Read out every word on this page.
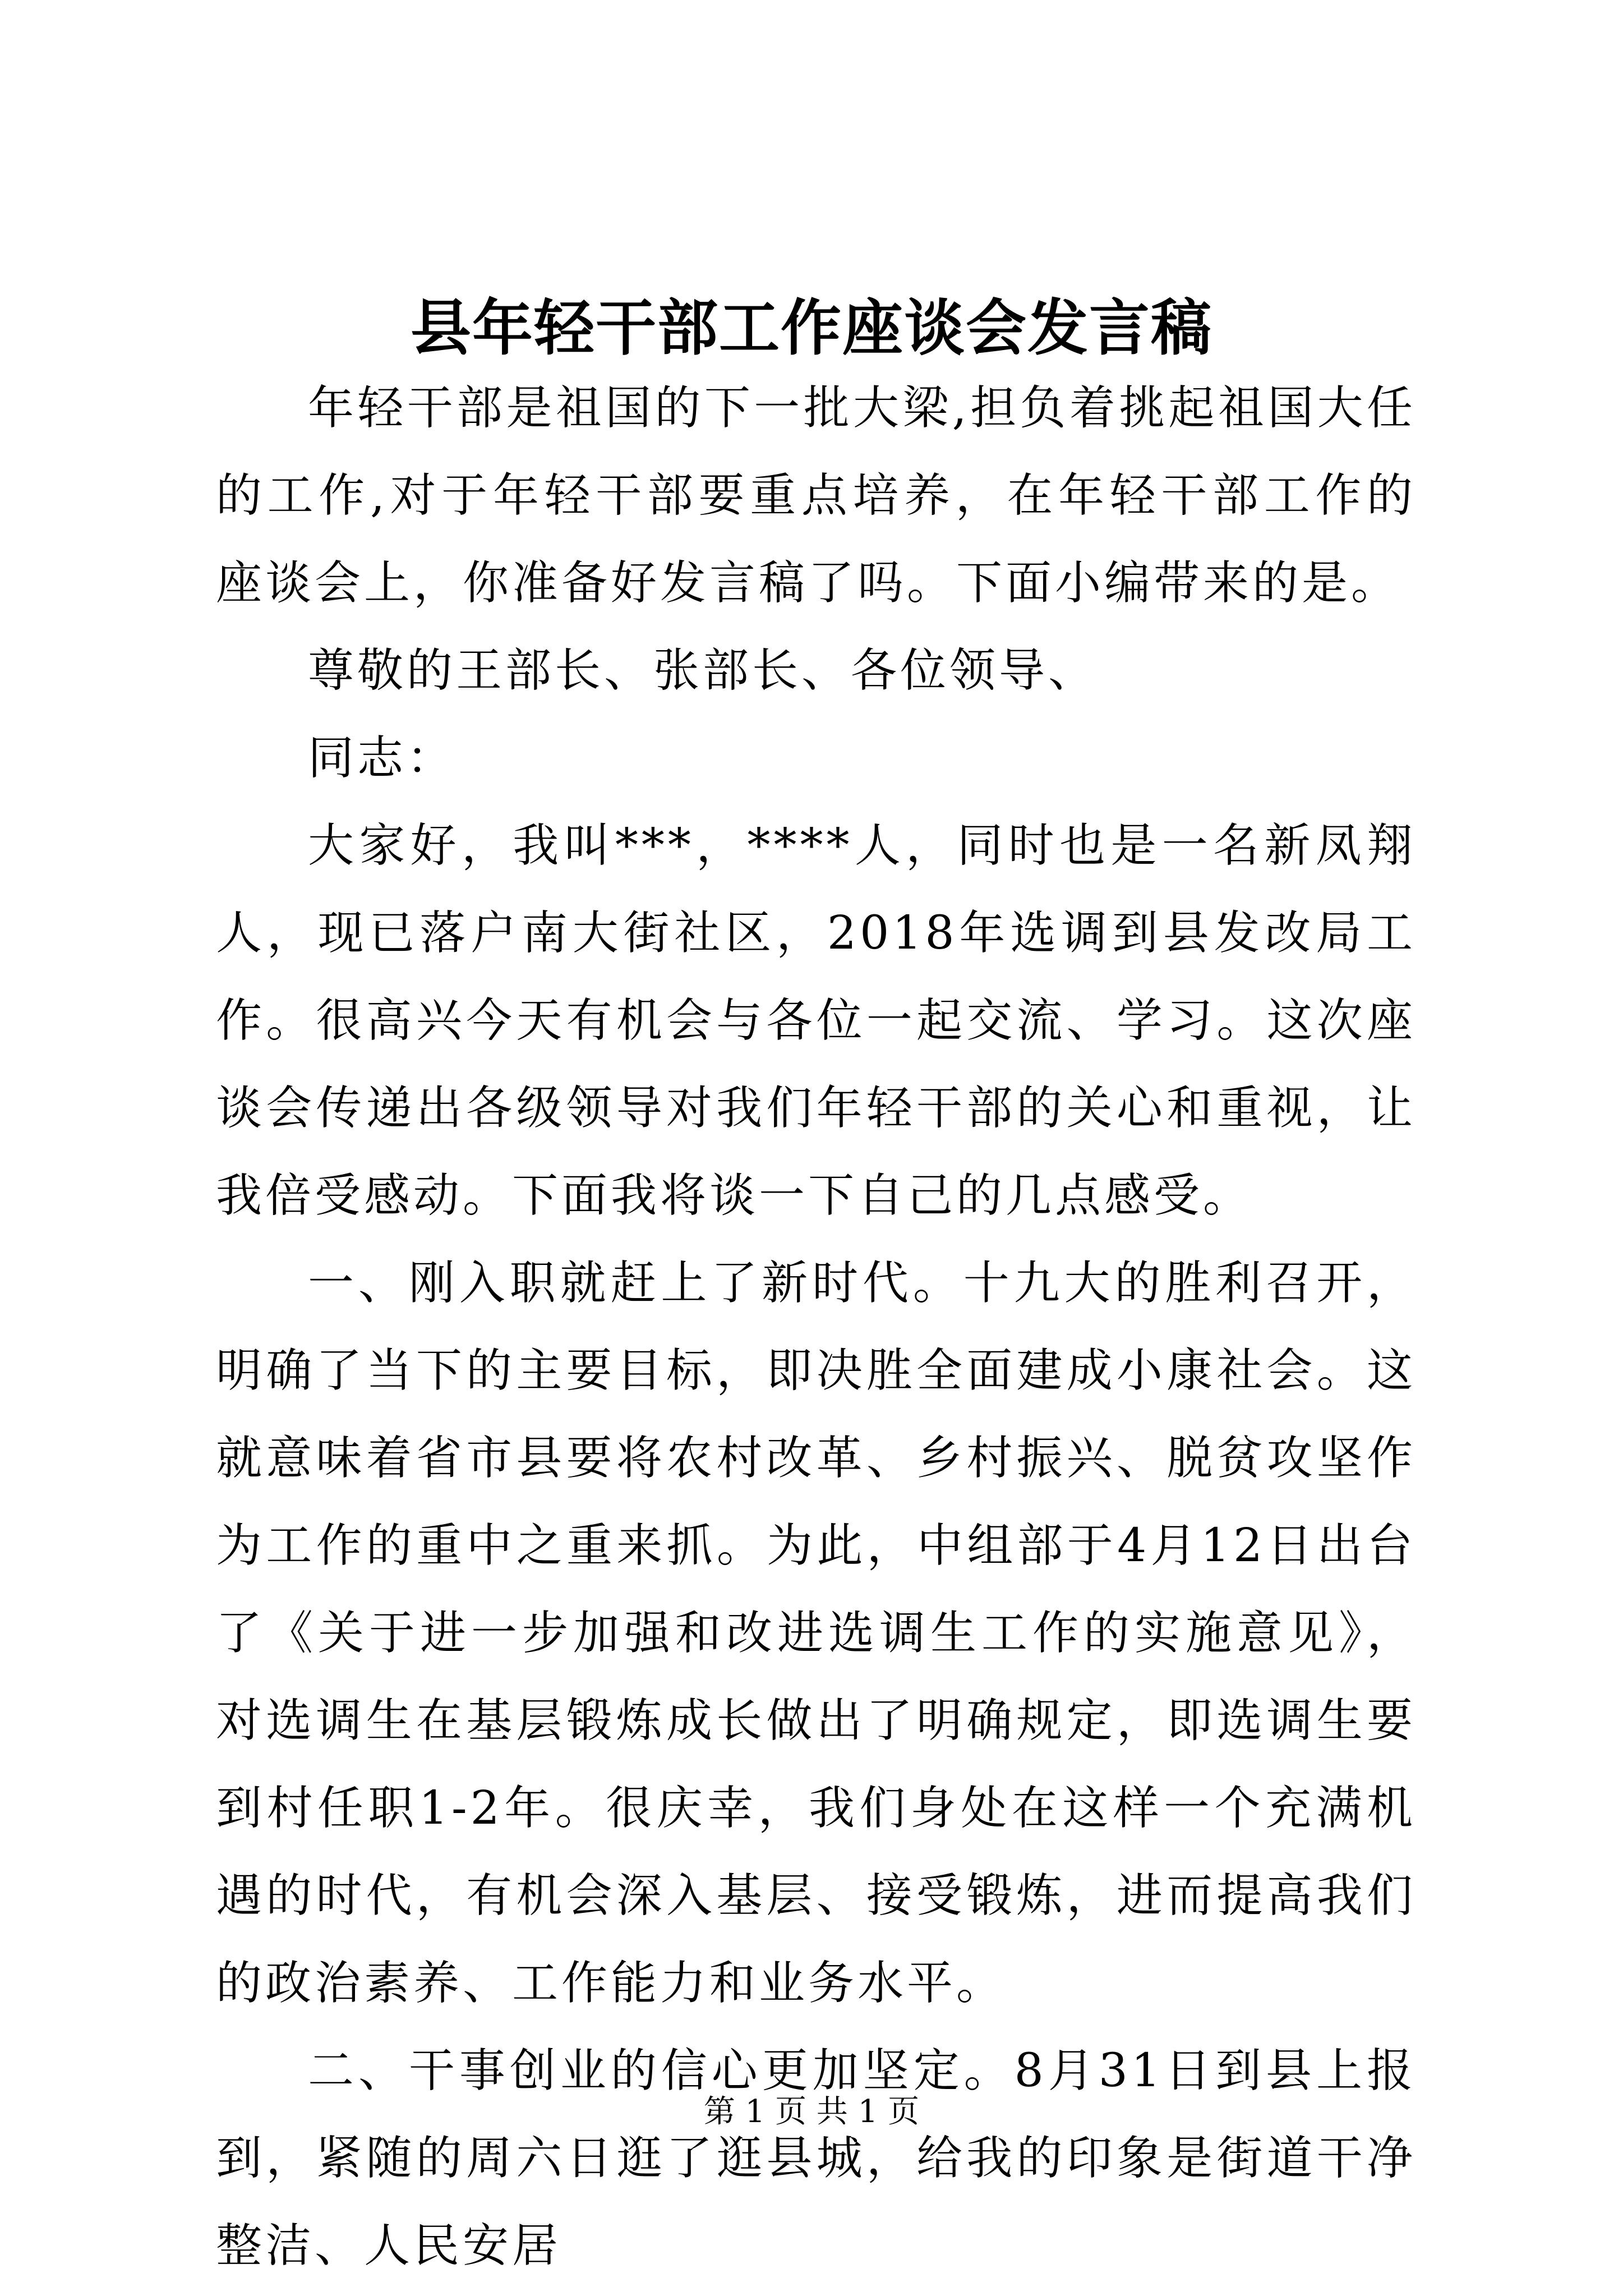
县年轻干部工作座谈会发言稿

年轻干部是祖国的下一批大梁,担负着挑起祖国大任的工作,对于年轻干部要重点培养，在年轻干部工作的座谈会上，你准备好发言稿了吗。下面小编带来的是。

尊敬的王部长、张部长、各位领导、

同志：

大家好，我叫***，****人，同时也是一名新凤翔人，现已落户南大街社区，2018年选调到县发改局工作。很高兴今天有机会与各位一起交流、学习。这次座谈会传递出各级领导对我们年轻干部的关心和重视，让我倍受感动。下面我将谈一下自己的几点感受。

一、刚入职就赶上了新时代。十九大的胜利召开，明确了当下的主要目标，即决胜全面建成小康社会。这就意味着省市县要将农村改革、乡村振兴、脱贫攻坚作为工作的重中之重来抓。为此，中组部于4月12日出台了《关于进一步加强和改进选调生工作的实施意见》，对选调生在基层锻炼成长做出了明确规定，即选调生要到村任职1-2年。很庆幸，我们身处在这样一个充满机遇的时代，有机会深入基层、接受锻炼，进而提高我们的政治素养、工作能力和业务水平。

二、干事创业的信心更加坚定。8月31日到县上报到，紧随的周六日逛了逛县城，给我的印象是街道干净整洁、人民安居

第 1 页 共 1 页
